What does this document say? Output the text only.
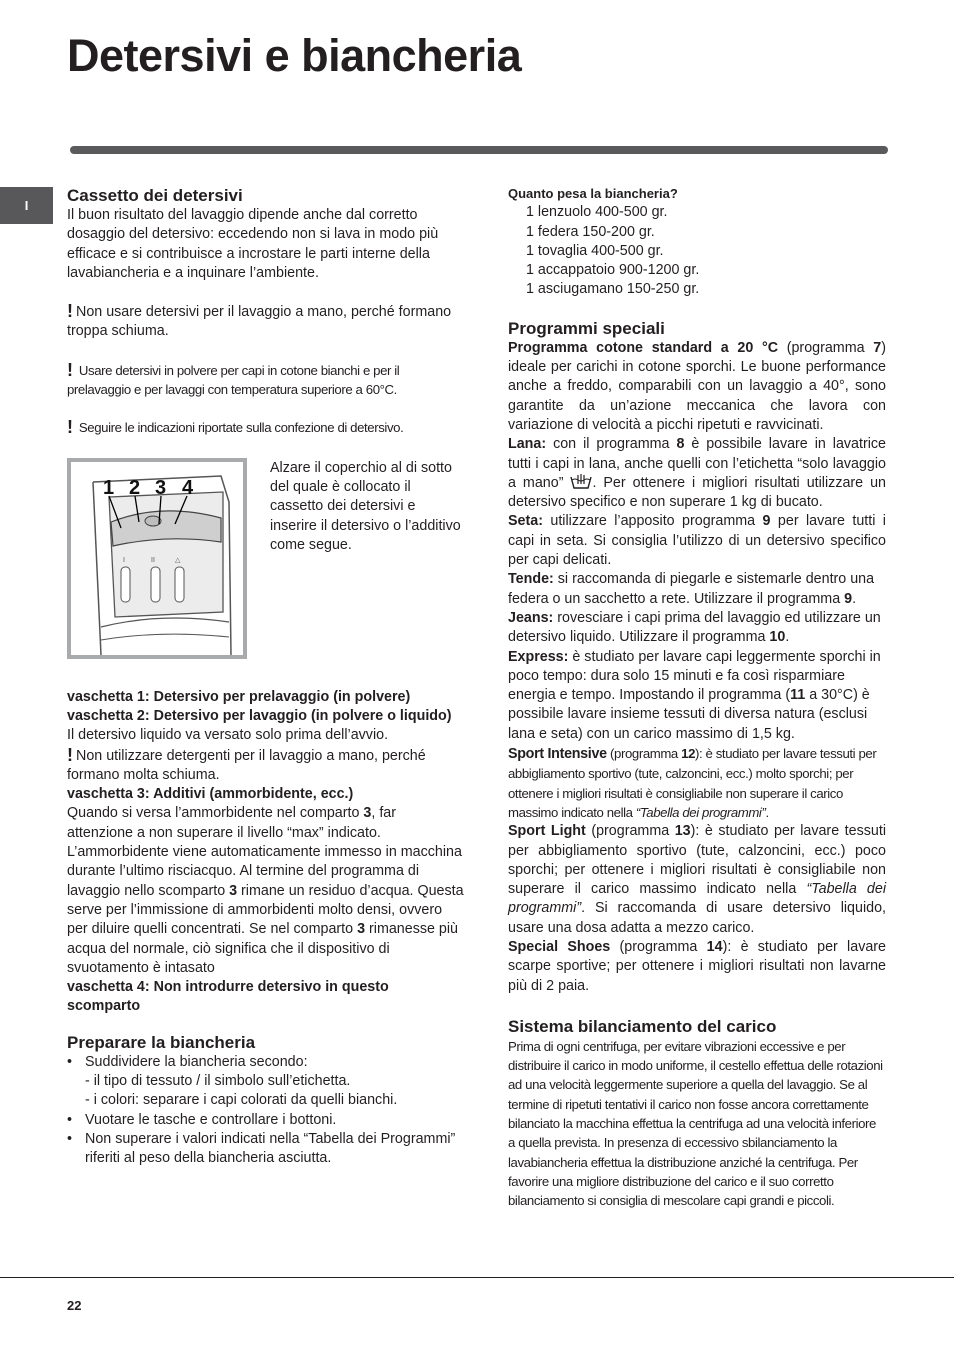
Detersivi e biancheria
I
Cassetto dei detersivi

Il buon risultato del lavaggio dipende anche dal corretto dosaggio del detersivo: eccedendo non si lava in modo più efficace e si contribuisce a incrostare le parti interne della lavabiancheria e a inquinare l’ambiente.

! Non usare detersivi per il lavaggio a mano, perché formano troppa schiuma.

! Usare detersivi in polvere per capi in cotone bianchi e per il prelavaggio e per lavaggi con temperatura superiore a 60°C.

! Seguire le indicazioni riportate sulla confezione di detersivo.

I	II	△
1 2 3 4

Alzare il coperchio al di sotto del quale è collocato il cassetto dei detersivi e inserire il detersivo o l’additivo come segue.

vaschetta 1: Detersivo per prelavaggio (in polvere)

vaschetta 2: Detersivo per lavaggio (in polvere o liquido)

Il detersivo liquido va versato solo prima dell’avvio.

! Non utilizzare detergenti per il lavaggio a mano, perché formano molta schiuma.

vaschetta 3: Additivi (ammorbidente, ecc.)

Quando si versa l’ammorbidente nel comparto 3, far attenzione a non superare il livello “max” indicato.

L’ammorbidente viene automaticamente immesso in macchina durante l’ultimo risciacquo. Al termine del programma di lavaggio nello scomparto 3 rimane un residuo d’acqua. Questa serve per l’immissione di ammorbidenti molto densi, ovvero per diluire quelli concentrati. Se nel comparto 3 rimanesse più acqua del normale, ciò significa che il dispositivo di svuotamento è intasato

vaschetta 4: Non introdurre detersivo in questo scomparto

Preparare la biancheria
• Suddividere la biancheria secondo:
- il tipo di tessuto / il simbolo sull’etichetta.
- i colori: separare i capi colorati da quelli bianchi.
• Vuotare le tasche e controllare i bottoni.
• Non superare i valori indicati nella “Tabella dei Programmi” riferiti al peso della biancheria asciutta.

Quanto pesa la biancheria?

1 lenzuolo 400-500 gr.
1 federa 150-200 gr.
1 tovaglia 400-500 gr.
1 accappatoio 900-1200 gr.
1 asciugamano 150-250 gr.
Programmi speciali

Programma cotone standard a 20 °C (programma 7) ideale per carichi in cotone sporchi. Le buone performance anche a freddo, comparabili con un lavaggio a 40°, sono garantite da un’azione meccanica che lavora con variazione di velocità a picchi ripetuti e ravvicinati.

Lana: con il programma 8 è possibile lavare in lavatrice tutti i capi in lana, anche quelli con l’etichetta “solo lavaggio a mano” . Per ottenere i migliori risultati utilizzare un detersivo specifico e non superare 1 kg di bucato.

Seta: utilizzare l’apposito programma 9 per lavare tutti i capi in seta. Si consiglia l’utilizzo di un detersivo specifico per capi delicati.

Tende: si raccomanda di piegarle e sistemarle dentro una federa o un sacchetto a rete. Utilizzare il programma 9.

Jeans: rovesciare i capi prima del lavaggio ed utilizzare un detersivo liquido. Utilizzare il programma 10.

Express: è studiato per lavare capi leggermente sporchi in poco tempo: dura solo 15 minuti e fa così risparmiare energia e tempo. Impostando il programma (11 a 30°C) è possibile lavare insieme tessuti di diversa natura (esclusi lana e seta) con un carico massimo di 1,5 kg.

Sport Intensive (programma 12): è studiato per lavare tessuti per abbigliamento sportivo (tute, calzoncini, ecc.) molto sporchi; per ottenere i migliori risultati è consigliabile non superare il carico massimo indicato nella “Tabella dei programmi”.

Sport Light (programma 13): è studiato per lavare tessuti per abbigliamento sportivo (tute, calzoncini, ecc.) poco sporchi; per ottenere i migliori risultati è consigliabile non superare il carico massimo indicato nella “Tabella dei programmi”. Si raccomanda di usare detersivo liquido, usare una dosa adatta a mezzo carico.

Special Shoes (programma 14): è studiato per lavare scarpe sportive; per ottenere i migliori risultati non lavarne più di 2 paia.

Sistema bilanciamento del carico

Prima di ogni centrifuga, per evitare vibrazioni eccessive e per distribuire il carico in modo uniforme, il cestello effettua delle rotazioni ad una velocità leggermente superiore a quella del lavaggio. Se al termine di ripetuti tentativi il carico non fosse ancora correttamente bilanciato la macchina effettua la centrifuga ad una velocità inferiore a quella prevista. In presenza di eccessivo sbilanciamento la lavabiancheria effettua la distribuzione anziché la centrifuga. Per favorire una migliore distribuzione del carico e il suo corretto bilanciamento si consiglia di mescolare capi grandi e piccoli.

22
